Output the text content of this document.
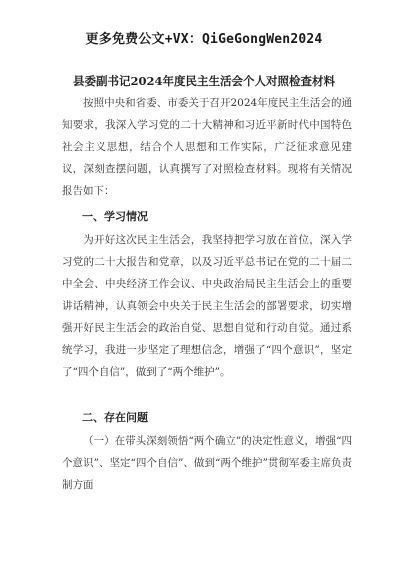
更多免费公文+VX：QiGeGongWen2024
县委副书记2024年度民主生活会个人对照检查材料

按照中央和省委、市委关于召开2024年度民主生活会的通知要求，我深入学习党的二十大精神和习近平新时代中国特色社会主义思想，结合个人思想和工作实际，广泛征求意见建议，深刻查摆问题，认真撰写了对照检查材料。现将有关情况报告如下：

一、学习情况

为开好这次民主生活会，我坚持把学习放在首位，深入学习党的二十大报告和党章，以及习近平总书记在党的二十届二中全会、中央经济工作会议、中央政治局民主生活会上的重要讲话精神，认真领会中央关于民主生活会的部署要求，切实增强开好民主生活会的政治自觉、思想自觉和行动自觉。通过系统学习，我进一步坚定了理想信念，增强了“四个意识”，坚定了“四个自信”，做到了“两个维护”。

二、存在问题

（一）在带头深刻领悟“两个确立”的决定性意义，增强“四个意识”、坚定“四个自信”、做到“两个维护”贯彻军委主席负责制方面
